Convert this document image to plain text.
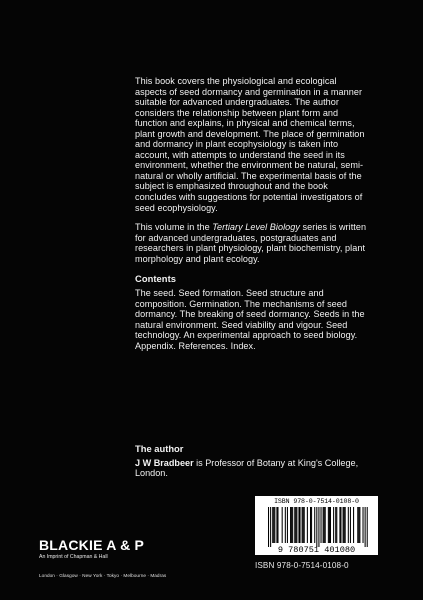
This book covers the physiological and ecological aspects of seed dormancy and germination in a manner suitable for advanced undergraduates. The author considers the relationship between plant form and function and explains, in physical and chemical terms, plant growth and development. The place of germination and dormancy in plant ecophysiology is taken into account, with attempts to understand the seed in its environment, whether the environment be natural, semi-natural or wholly artificial. The experimental basis of the subject is emphasized throughout and the book concludes with suggestions for potential investigators of seed ecophysiology.

This volume in the Tertiary Level Biology series is written for advanced undergraduates, postgraduates and researchers in plant physiology, plant biochemistry, plant morphology and plant ecology.

Contents

The seed. Seed formation. Seed structure and composition. Germination. The mechanisms of seed dormancy. The breaking of seed dormancy. Seeds in the natural environment. Seed viability and vigour. Seed technology. An experimental approach to seed biology. Appendix. References. Index.

The author

J W Bradbeer is Professor of Botany at King's College, London.

BLACKIE A & P
An Imprint of Chapman & Hall
London · Glasgow · New York · Tokyo · Melbourne · Madras
ISBN 978-0-7514-0108-0
9 780751 401080
ISBN 978-0-7514-0108-0
